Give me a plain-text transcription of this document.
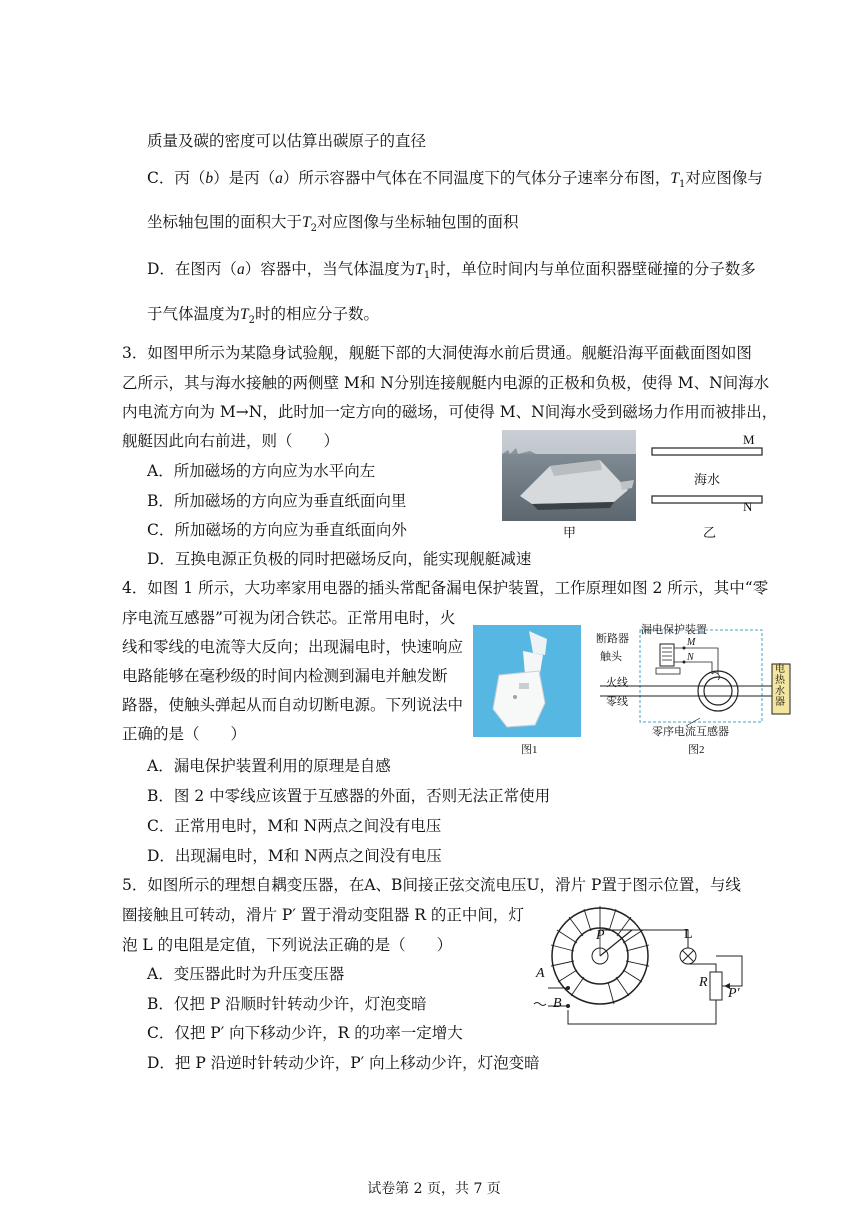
质量及碳的密度可以估算出碳原子的直径
C．丙（b）是丙（a）所示容器中气体在不同温度下的气体分子速率分布图，$T_1$对应图像与
坐标轴包围的面积大于$T_2$对应图像与坐标轴包围的面积
D．在图丙（a）容器中，当气体温度为$T_1$时，单位时间内与单位面积器壁碰撞的分子数多
于气体温度为$T_2$时的相应分子数。
3．如图甲所示为某隐身试验舰，舰艇下部的大洞使海水前后贯通。舰艇沿海平面截面图如图
乙所示，其与海水接触的两侧壁 M和 N分别连接舰艇内电源的正极和负极，使得 M、N间海水
内电流方向为 M→N，此时加一定方向的磁场，可使得 M、N间海水受到磁场力作用而被排出，
舰艇因此向右前进，则（　　）
A．所加磁场的方向应为水平向左
B．所加磁场的方向应为垂直纸面向里
C．所加磁场的方向应为垂直纸面向外
D．互换电源正负极的同时把磁场反向，能实现舰艇减速
甲
M
N
海水
乙
4．如图 1 所示，大功率家用电器的插头常配备漏电保护装置，工作原理如图 2 所示，其中“零
序电流互感器”可视为闭合铁芯。正常用电时，火
线和零线的电流等大反向；出现漏电时，快速响应
电路能够在毫秒级的时间内检测到漏电并触发断
路器，使触头弹起从而自动切断电源。下列说法中
正确的是（　　）
A．漏电保护装置利用的原理是自感
B．图 2 中零线应该置于互感器的外面，否则无法正常使用
C．正常用电时，M和 N两点之间没有电压
D．出现漏电时，M和 N两点之间没有电压
图1
漏电保护装置
断路器
触头
M
N
火线
零线
零序电流互感器
电热水器
图2
5．如图所示的理想自耦变压器，在A、B间接正弦交流电压U，滑片 P置于图示位置，与线
圈接触且可转动，滑片 P′ 置于滑动变阻器 R 的正中间，灯
泡 L 的电阻是定值，下列说法正确的是（　　）
A．变压器此时为升压变压器
B．仅把 P 沿顺时针转动少许，灯泡变暗
C．仅把 P′ 向下移动少许，R 的功率一定增大
D．把 P 沿逆时针转动少许，P′ 向上移动少许，灯泡变暗
P	L
A
B
R
P′
试卷第 2 页，共 7 页
